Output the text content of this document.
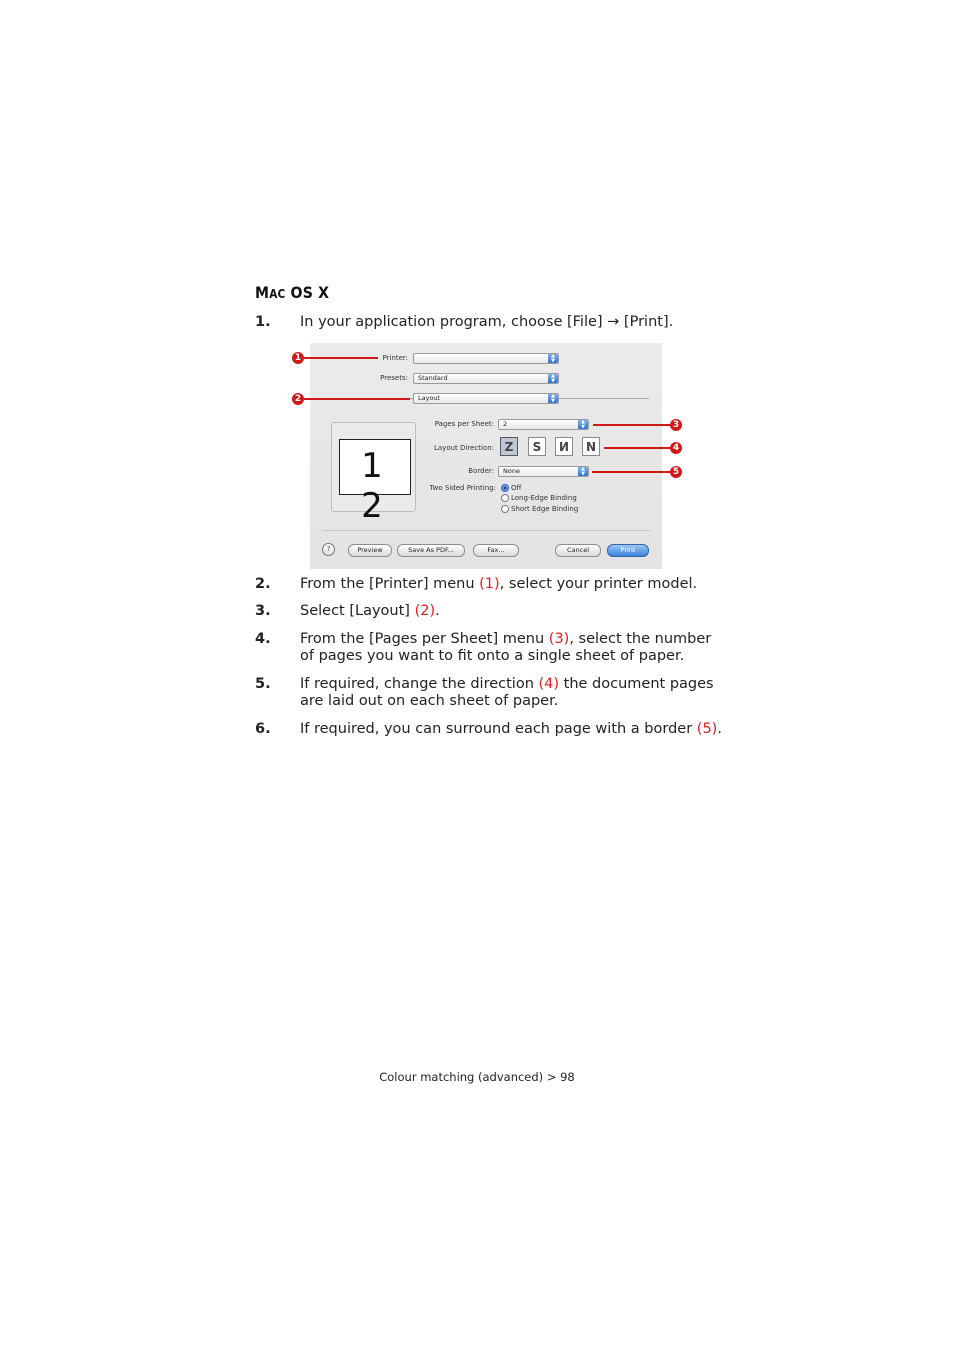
MAC OS X
1. In your application program, choose [File] → [Print].
Printer:	▲
▼
Presets:	Standard	▲
▼
Layout	▲
▼
1 2
Pages per Sheet:	2	▲
▼
Layout Direction: Z	S	N N
Border:	None	▲
▼
Two Sided Printing: Off
Long-Edge Binding
Short Edge Binding
?	Preview	Save As PDF...	Fax...	Cancel	Print
1
2
3
4
5
2. From the [Printer] menu (1), select your printer model.
3. Select [Layout] (2).
4. From the [Pages per Sheet] menu (3), select the number
of pages you want to fit onto a single sheet of paper.
5. If required, change the direction (4) the document pages
are laid out on each sheet of paper.
6. If required, you can surround each page with a border (5).
Colour matching (advanced) > 98
